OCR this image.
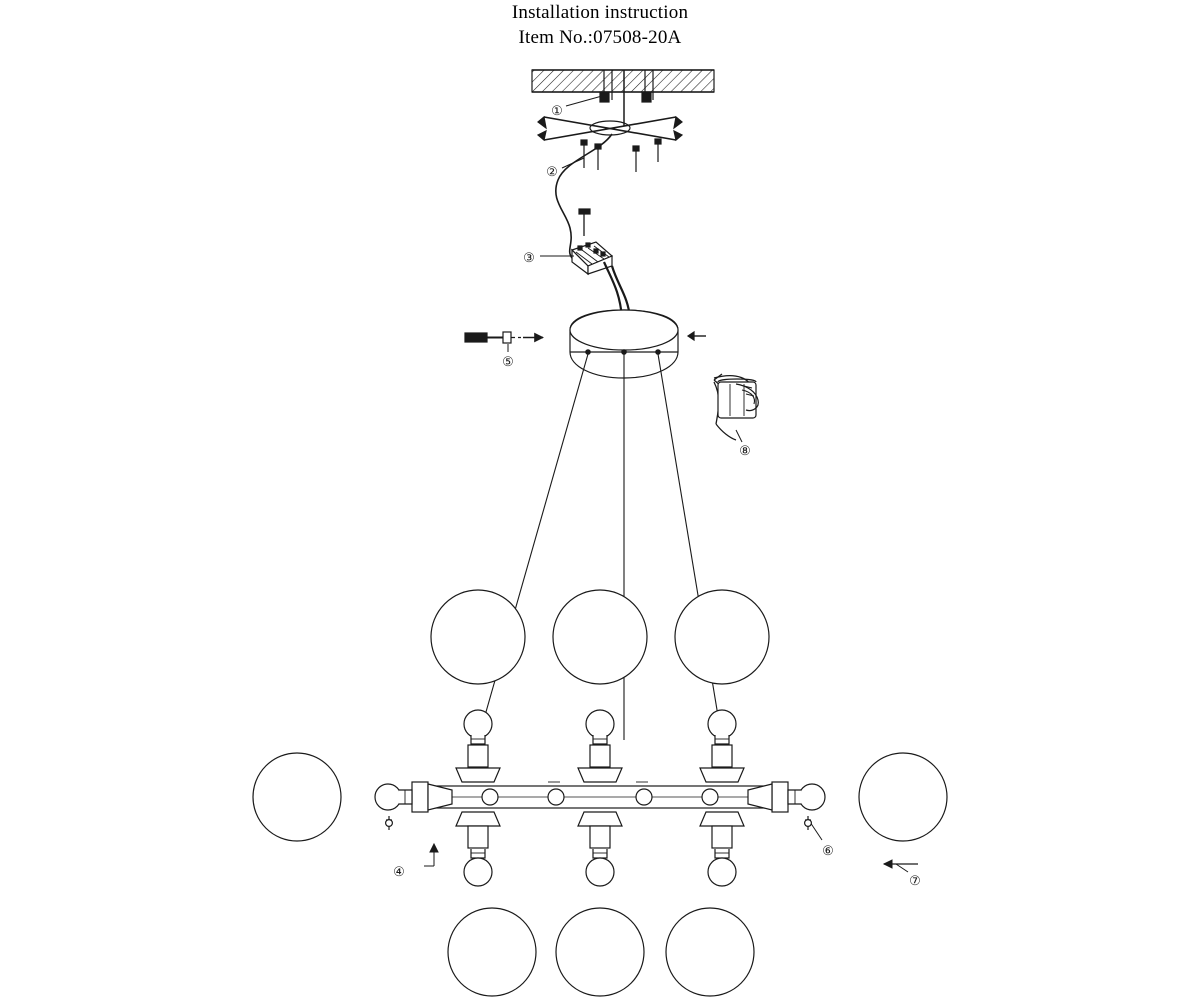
Installation instruction
Item No.:07508-20A
①
②
③
④
⑤
⑥
⑦
⑧
